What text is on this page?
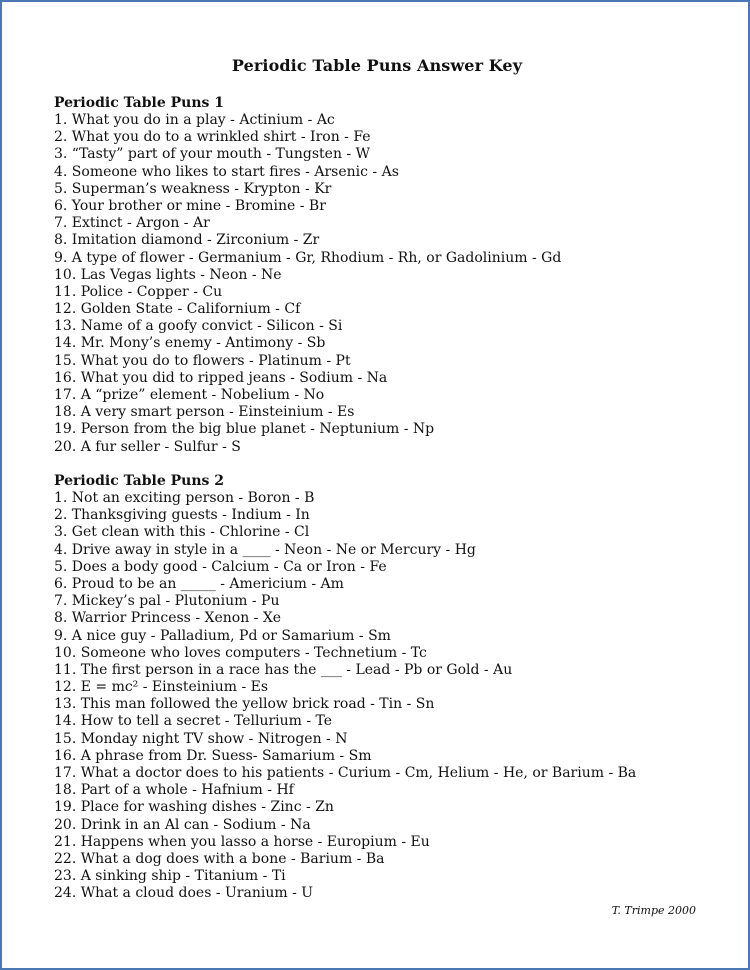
Periodic Table Puns Answer Key
Periodic Table Puns 1
1. What you do in a play - Actinium - Ac
2. What you do to a wrinkled shirt - Iron - Fe
3. “Tasty” part of your mouth - Tungsten - W
4. Someone who likes to start fires - Arsenic - As
5. Superman’s weakness - Krypton - Kr
6. Your brother or mine - Bromine - Br
7. Extinct - Argon - Ar
8. Imitation diamond - Zirconium - Zr
9. A type of flower - Germanium - Gr, Rhodium - Rh, or Gadolinium - Gd
10. Las Vegas lights - Neon - Ne
11. Police - Copper - Cu
12. Golden State - Californium - Cf
13. Name of a goofy convict - Silicon - Si
14. Mr. Mony’s enemy - Antimony - Sb
15. What you do to flowers - Platinum - Pt
16. What you did to ripped jeans - Sodium - Na
17. A “prize” element - Nobelium - No
18. A very smart person - Einsteinium - Es
19. Person from the big blue planet - Neptunium - Np
20. A fur seller - Sulfur - S
Periodic Table Puns 2
1. Not an exciting person - Boron - B
2. Thanksgiving guests - Indium - In
3. Get clean with this - Chlorine - Cl
4. Drive away in style in a ____ - Neon - Ne or Mercury - Hg
5. Does a body good - Calcium - Ca or Iron - Fe
6. Proud to be an _____ - Americium - Am
7. Mickey’s pal - Plutonium - Pu
8. Warrior Princess - Xenon - Xe
9. A nice guy - Palladium, Pd or Samarium - Sm
10. Someone who loves computers - Technetium - Tc
11. The first person in a race has the ___ - Lead - Pb or Gold - Au
12. E = mc² - Einsteinium - Es
13. This man followed the yellow brick road - Tin - Sn
14. How to tell a secret - Tellurium - Te
15. Monday night TV show - Nitrogen - N
16. A phrase from Dr. Suess- Samarium - Sm
17. What a doctor does to his patients - Curium - Cm, Helium - He, or Barium - Ba
18. Part of a whole - Hafnium - Hf
19. Place for washing dishes - Zinc - Zn
20. Drink in an Al can - Sodium - Na
21. Happens when you lasso a horse - Europium - Eu
22. What a dog does with a bone - Barium - Ba
23. A sinking ship - Titanium - Ti
24. What a cloud does - Uranium - U
T. Trimpe 2000
